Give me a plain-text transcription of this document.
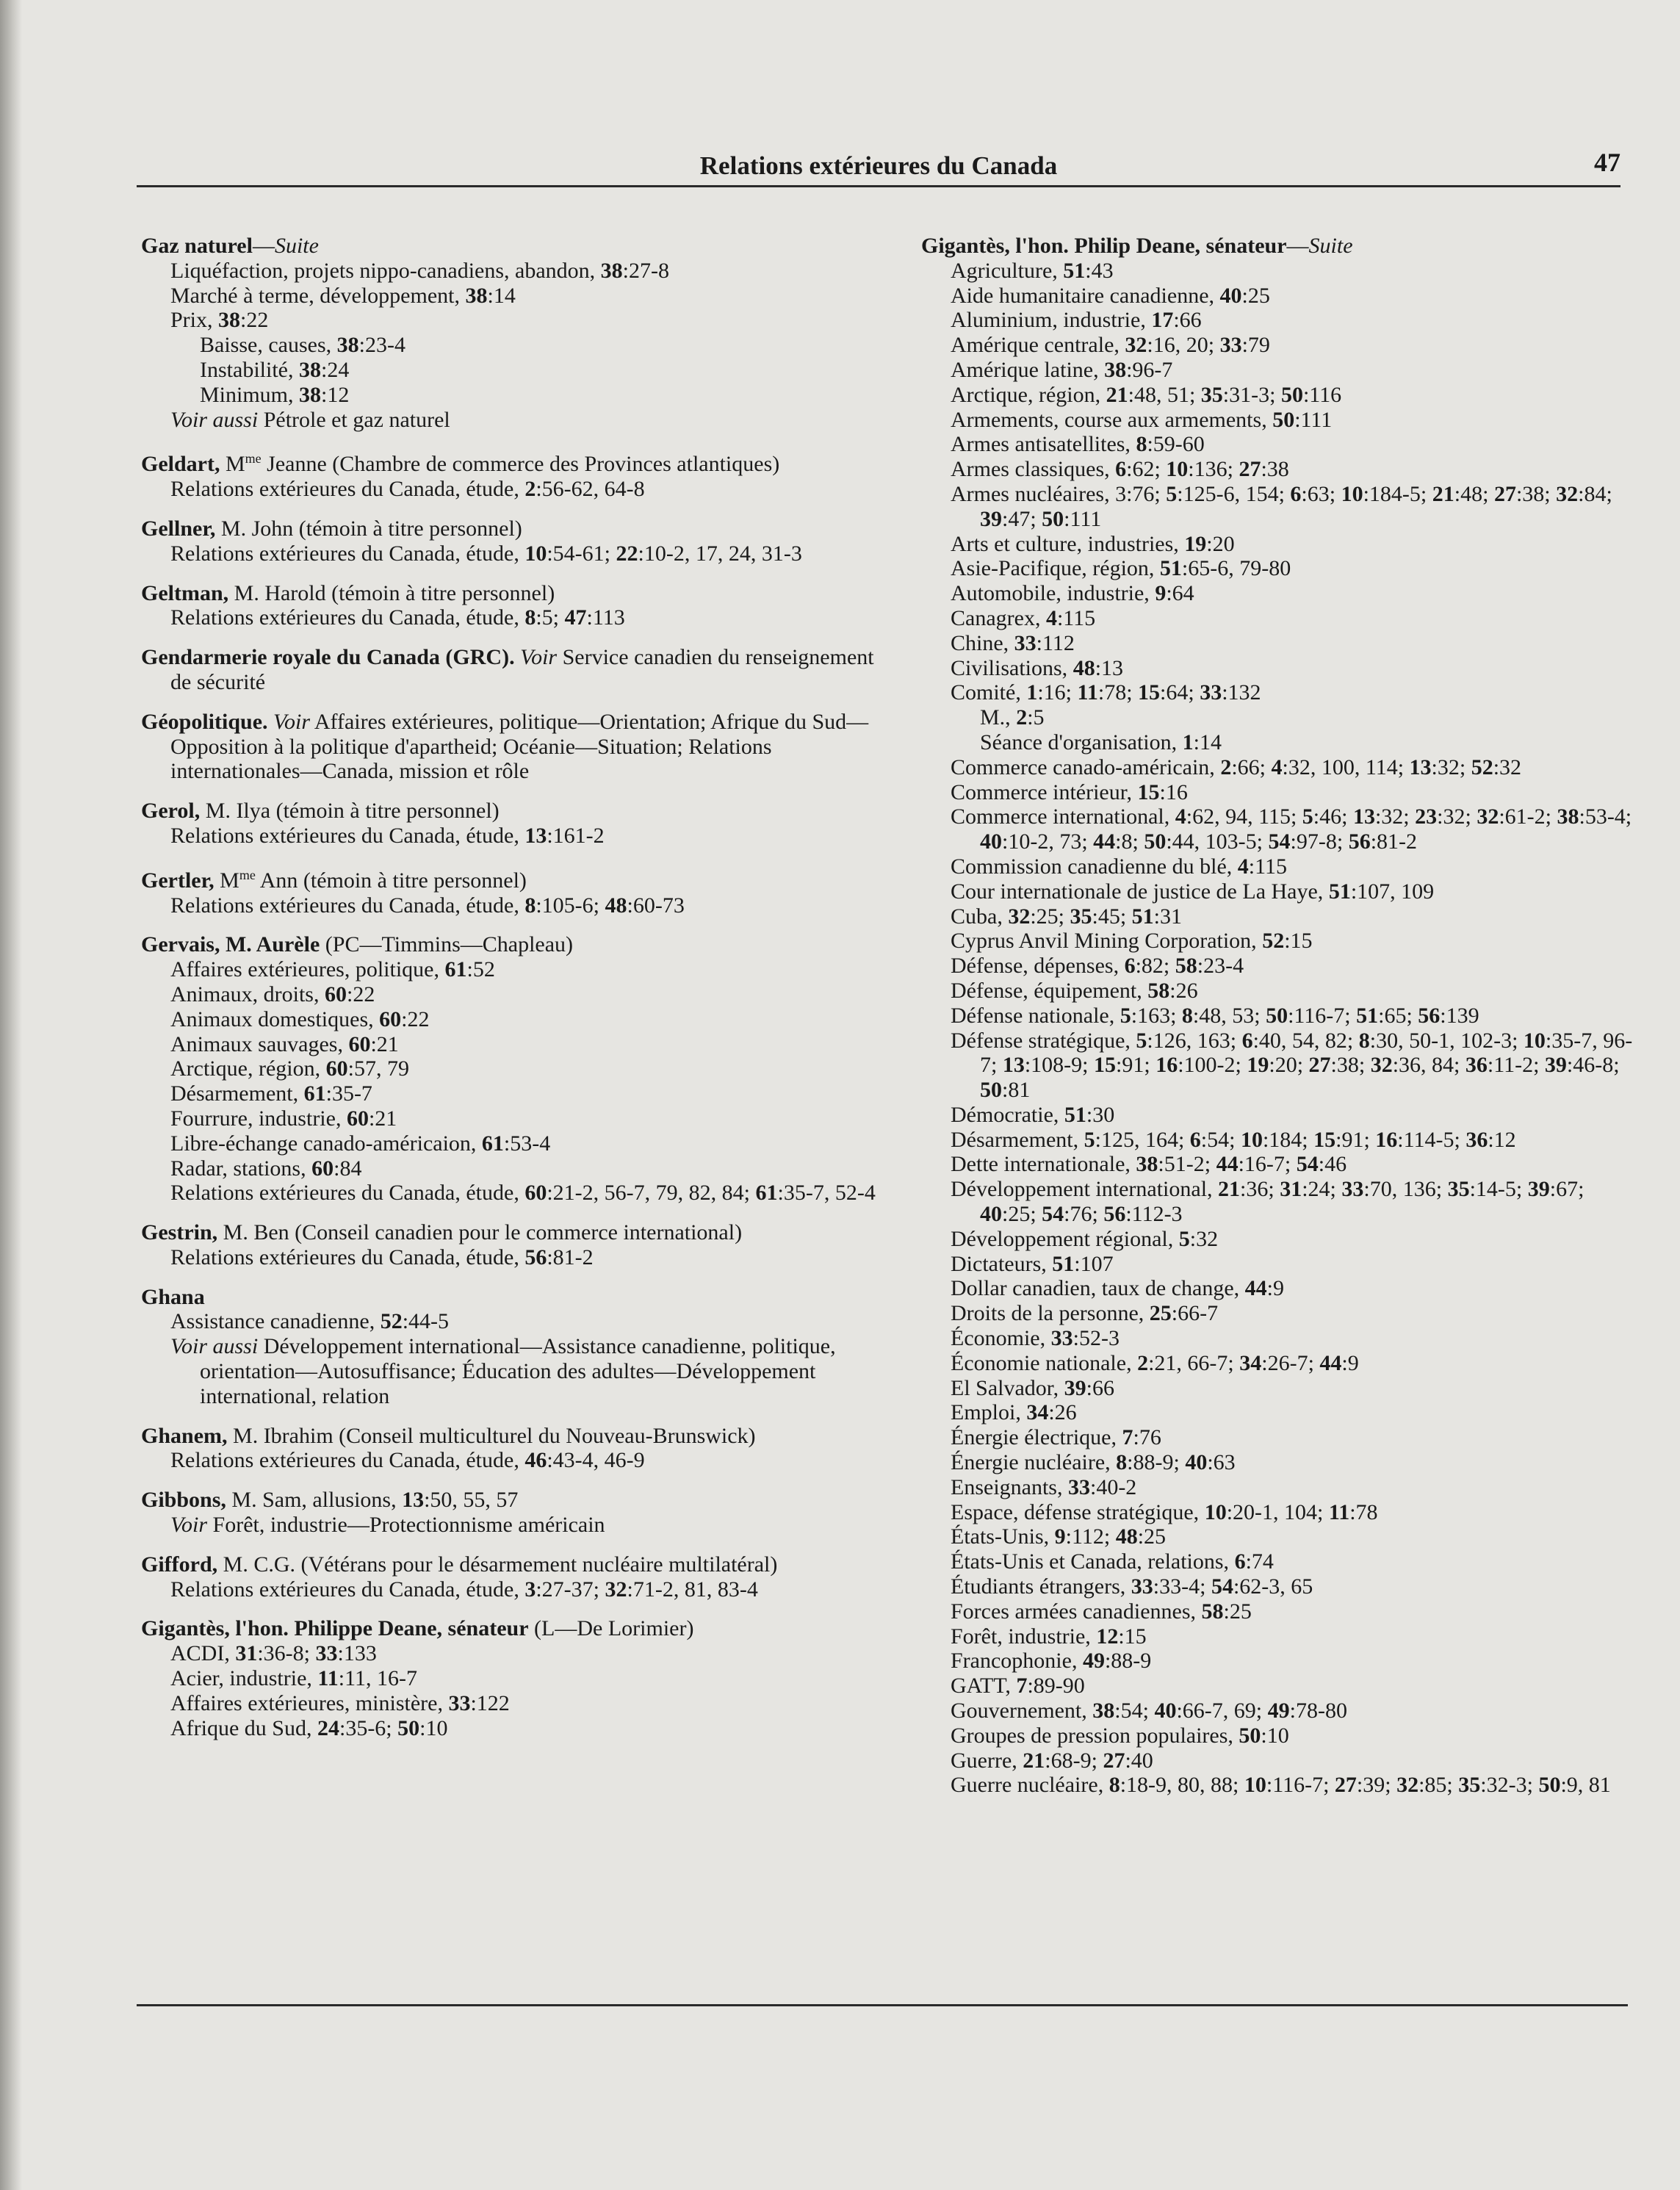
Relations extérieures du Canada	47
Gaz naturel—Suite
Liquéfaction, projets nippo-canadiens, abandon, 38:27-8
Marché à terme, développement, 38:14
Prix, 38:22
Baisse, causes, 38:23-4
Instabilité, 38:24
Minimum, 38:12
Voir aussi Pétrole et gaz naturel
Geldart, $M^{me}$ Jeanne (Chambre de commerce des Provinces atlantiques)
Relations extérieures du Canada, étude, 2:56-62, 64-8
Gellner, M. John (témoin à titre personnel)
Relations extérieures du Canada, étude, 10:54-61; 22:10-2, 17, 24, 31-3
Geltman, M. Harold (témoin à titre personnel)
Relations extérieures du Canada, étude, 8:5; 47:113
Gendarmerie royale du Canada (GRC). Voir Service canadien du renseignement de sécurité
Géopolitique. Voir Affaires extérieures, politique—Orientation; Afrique du Sud—Opposition à la politique d'apartheid; Océanie—Situation; Relations internationales—Canada, mission et rôle
Gerol, M. Ilya (témoin à titre personnel)
Relations extérieures du Canada, étude, 13:161-2
Gertler, $M^{me}$ Ann (témoin à titre personnel)
Relations extérieures du Canada, étude, 8:105-6; 48:60-73
Gervais, M. Aurèle (PC—Timmins—Chapleau)
Affaires extérieures, politique, 61:52
Animaux, droits, 60:22
Animaux domestiques, 60:22
Animaux sauvages, 60:21
Arctique, région, 60:57, 79
Désarmement, 61:35-7
Fourrure, industrie, 60:21
Libre-échange canado-américaion, 61:53-4
Radar, stations, 60:84
Relations extérieures du Canada, étude, 60:21-2, 56-7, 79, 82, 84; 61:35-7, 52-4
Gestrin, M. Ben (Conseil canadien pour le commerce international)
Relations extérieures du Canada, étude, 56:81-2
Ghana
Assistance canadienne, 52:44-5
Voir aussi Développement international—Assistance canadienne, politique, orientation—Autosuffisance; Éducation des adultes—Développement international, relation
Ghanem, M. Ibrahim (Conseil multiculturel du Nouveau-Brunswick)
Relations extérieures du Canada, étude, 46:43-4, 46-9
Gibbons, M. Sam, allusions, 13:50, 55, 57
Voir Forêt, industrie—Protectionnisme américain
Gifford, M. C.G. (Vétérans pour le désarmement nucléaire multilatéral)
Relations extérieures du Canada, étude, 3:27-37; 32:71-2, 81, 83-4
Gigantès, l'hon. Philippe Deane, sénateur (L—De Lorimier)
ACDI, 31:36-8; 33:133
Acier, industrie, 11:11, 16-7
Affaires extérieures, ministère, 33:122
Afrique du Sud, 24:35-6; 50:10
Gigantès, l'hon. Philip Deane, sénateur—Suite
Agriculture, 51:43
Aide humanitaire canadienne, 40:25
Aluminium, industrie, 17:66
Amérique centrale, 32:16, 20; 33:79
Amérique latine, 38:96-7
Arctique, région, 21:48, 51; 35:31-3; 50:116
Armements, course aux armements, 50:111
Armes antisatellites, 8:59-60
Armes classiques, 6:62; 10:136; 27:38
Armes nucléaires, 3:76; 5:125-6, 154; 6:63; 10:184-5; 21:48; 27:38; 32:84; 39:47; 50:111
Arts et culture, industries, 19:20
Asie-Pacifique, région, 51:65-6, 79-80
Automobile, industrie, 9:64
Canagrex, 4:115
Chine, 33:112
Civilisations, 48:13
Comité, 1:16; 11:78; 15:64; 33:132
M., 2:5
Séance d'organisation, 1:14
Commerce canado-américain, 2:66; 4:32, 100, 114; 13:32; 52:32
Commerce intérieur, 15:16
Commerce international, 4:62, 94, 115; 5:46; 13:32; 23:32; 32:61-2; 38:53-4; 40:10-2, 73; 44:8; 50:44, 103-5; 54:97-8; 56:81-2
Commission canadienne du blé, 4:115
Cour internationale de justice de La Haye, 51:107, 109
Cuba, 32:25; 35:45; 51:31
Cyprus Anvil Mining Corporation, 52:15
Défense, dépenses, 6:82; 58:23-4
Défense, équipement, 58:26
Défense nationale, 5:163; 8:48, 53; 50:116-7; 51:65; 56:139
Défense stratégique, 5:126, 163; 6:40, 54, 82; 8:30, 50-1, 102-3; 10:35-7, 96-7; 13:108-9; 15:91; 16:100-2; 19:20; 27:38; 32:36, 84; 36:11-2; 39:46-8; 50:81
Démocratie, 51:30
Désarmement, 5:125, 164; 6:54; 10:184; 15:91; 16:114-5; 36:12
Dette internationale, 38:51-2; 44:16-7; 54:46
Développement international, 21:36; 31:24; 33:70, 136; 35:14-5; 39:67; 40:25; 54:76; 56:112-3
Développement régional, 5:32
Dictateurs, 51:107
Dollar canadien, taux de change, 44:9
Droits de la personne, 25:66-7
Économie, 33:52-3
Économie nationale, 2:21, 66-7; 34:26-7; 44:9
El Salvador, 39:66
Emploi, 34:26
Énergie électrique, 7:76
Énergie nucléaire, 8:88-9; 40:63
Enseignants, 33:40-2
Espace, défense stratégique, 10:20-1, 104; 11:78
États-Unis, 9:112; 48:25
États-Unis et Canada, relations, 6:74
Étudiants étrangers, 33:33-4; 54:62-3, 65
Forces armées canadiennes, 58:25
Forêt, industrie, 12:15
Francophonie, 49:88-9
GATT, 7:89-90
Gouvernement, 38:54; 40:66-7, 69; 49:78-80
Groupes de pression populaires, 50:10
Guerre, 21:68-9; 27:40
Guerre nucléaire, 8:18-9, 80, 88; 10:116-7; 27:39; 32:85; 35:32-3; 50:9, 81
